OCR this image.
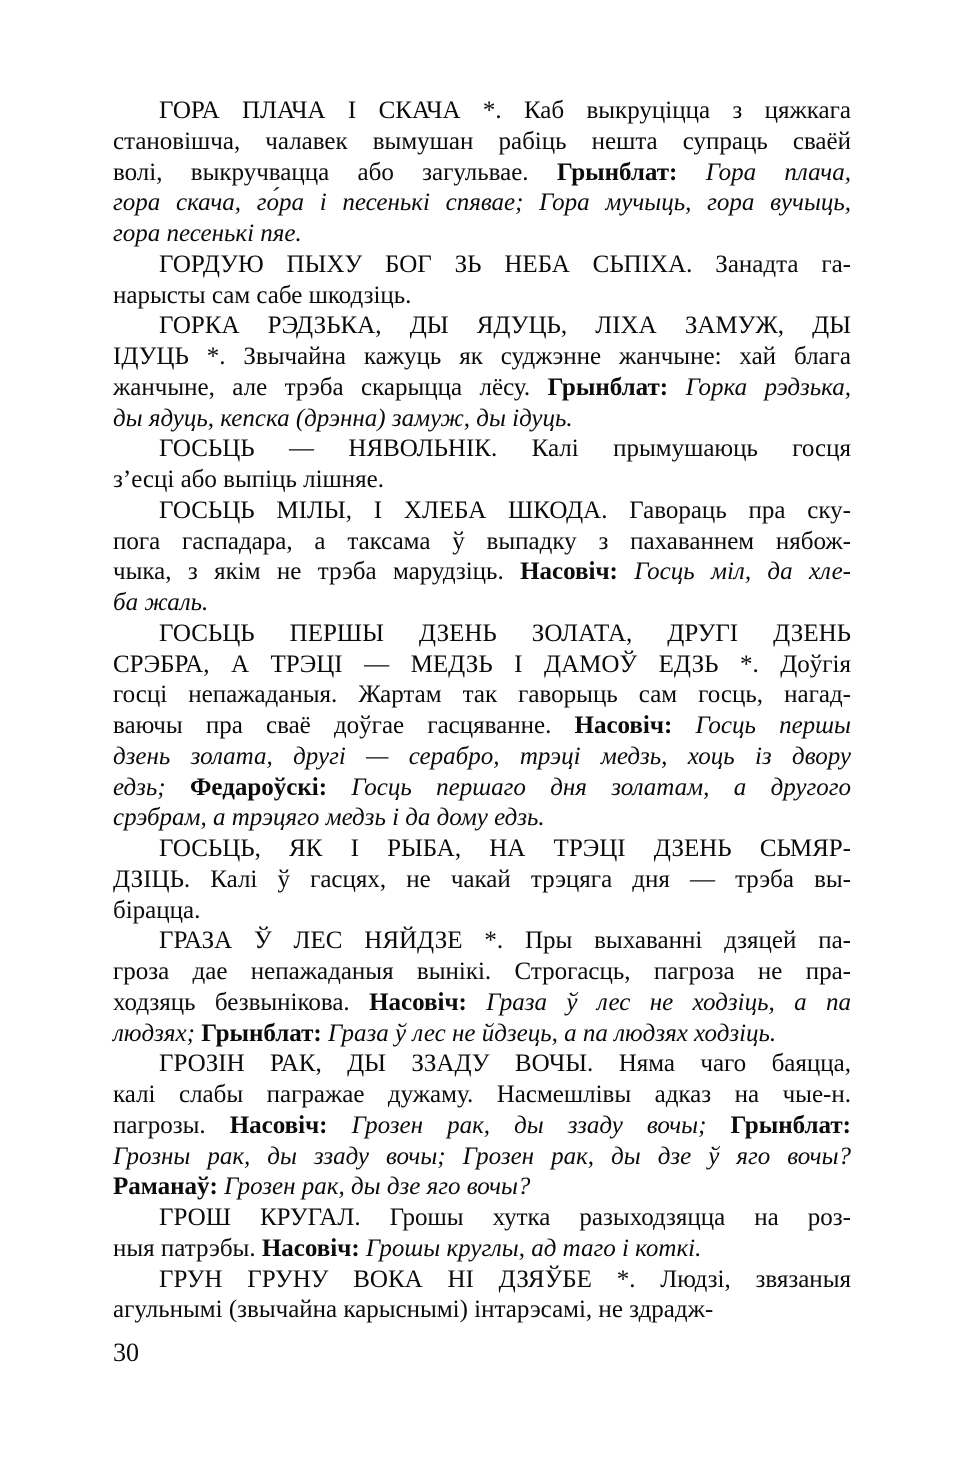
ГОРА ПЛАЧА І СКАЧА *. Каб выкруціцца з цяжкага
становішча, чалавек вымушан рабіць нешта супраць сваёй
волі, выкручвацца або загульвае. Грынблат: Гора плача,
гора скача, го́ра і песенькі спявае; Гора мучыць, гора вучыць,
гора песенькі пяе.
ГОРДУЮ ПЫХУ БОГ ЗЬ НЕБА СЬПІХА. Занадта га-
нарысты сам сабе шкодзіць.
ГОРКА РЭДЗЬКА, ДЫ ЯДУЦЬ, ЛІХА ЗАМУЖ, ДЫ
ІДУЦЬ *. Звычайна кажуць як суджэнне жанчыне: хай блага
жанчыне, але трэба скарыцца лёсу. Грынблат: Горка рэдзька,
ды ядуць, кепска (дрэнна) замуж, ды ідуць.
ГОСЬЦЬ — НЯВОЛЬНІК. Калі прымушаюць госця
з’есці або выпіць лішняе.
ГОСЬЦЬ МІЛЫ, І ХЛЕБА ШКОДА. Гавораць пра ску-
пога гаспадара, а таксама ў выпадку з пахаваннем нябож-
чыка, з якім не трэба марудзіць. Насовіч: Госць міл, да хле-
ба жаль.
ГОСЬЦЬ ПЕРШЫ ДЗЕНЬ ЗОЛАТА, ДРУГІ ДЗЕНЬ
СРЭБРА, А ТРЭЦІ — МЕДЗЬ І ДАМОЎ ЕДЗЬ *. Доўгія
госці непажаданыя. Жартам так гаворыць сам госць, нагад-
ваючы пра сваё доўгае гасцяванне. Насовіч: Госць першы
дзень золата, другі — серабро, трэці медзь, хоць із двору
едзь; Федароўскі: Госць першаго дня золатам, а другого
срэбрам, а трэцяго медзь і да дому едзь.
ГОСЬЦЬ, ЯК І РЫБА, НА ТРЭЦІ ДЗЕНЬ СЬМЯР-
ДЗІЦЬ. Калі ў гасцях, не чакай трэцяга дня — трэба вы-
бірацца.
ГРАЗА Ў ЛЕС НЯЙДЗЕ *. Пры выхаванні дзяцей па-
гроза дае непажаданыя вынікі. Строгасць, пагроза не пра-
ходзяць безвынікова. Насовіч: Граза ў лес не ходзіць, а па
людзях; Грынблат: Граза ў лес не йдзець, а па людзях ходзіць.
ГРОЗІН РАК, ДЫ ЗЗАДУ ВОЧЫ. Няма чаго баяцца,
калі слабы пагражае дужаму. Насмешлівы адказ на чые-н.
пагрозы. Насовіч: Грозен рак, ды ззаду вочы; Грынблат:
Грозны рак, ды ззаду вочы; Грозен рак, ды дзе ў яго вочы?
Раманаў: Грозен рак, ды дзе яго вочы?
ГРОШ КРУГАЛ. Грошы хутка разыходзяцца на роз-
ныя патрэбы. Насовіч: Грошы круглы, ад таго і коткі.
ГРУН ГРУНУ ВОКА НІ ДЗЯЎБЕ *. Людзі, звязаныя
агульнымі (звычайна карыснымі) інтарэсамі, не здрадж-
30
